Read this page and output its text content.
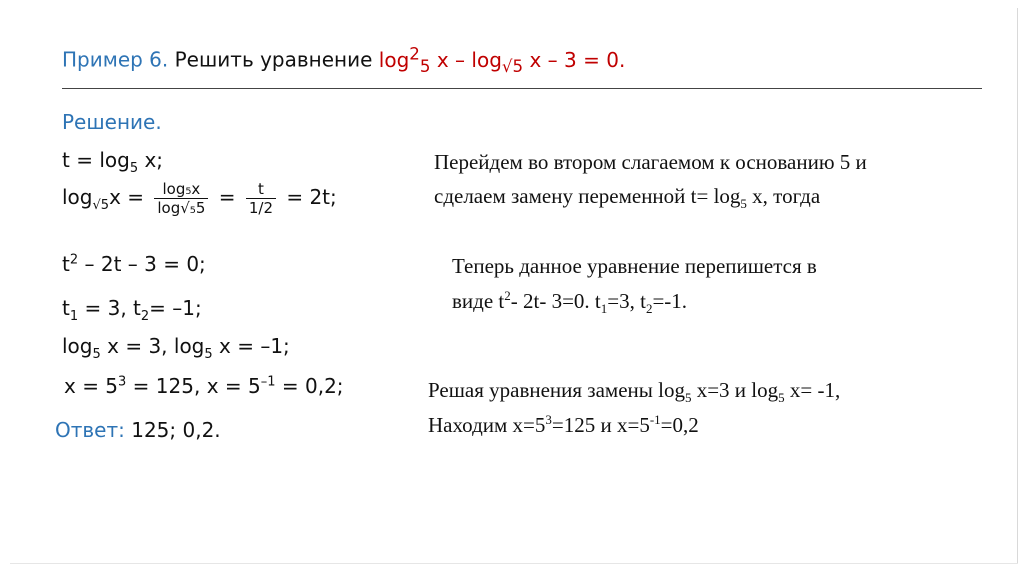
Пример 6. Решить уравнение $\log^2_5 x - \log_{√5} x - 3 = 0$.
Решение.
$t = \log_5 x$;
$\log_{√5}x = \frac{\text{log₅x}}{\text{log√₅5}} = \frac{t}{1/2} = 2t$;
$t^2 - 2t - 3 = 0$;
$t_1 = 3$, $t_2= -1$;
$\log_5 x = 3$, $\log_5 x = -1$;
$x = 5^3 = 125$, $x = 5^{-1} = 0,2$;
Ответ: 125; 0,2.
Перейдем во втором слагаемом к основанию 5 и
сделаем замену переменной $t= \log_5 x$, тогда
Теперь данное уравнение перепишется в
виде $t^2-$ 2t- 3=0. $t_1=3$, $t_2=-1$.
Решая уравнения замены $\log_5 x=3$ и $\log_5 x= -1$,
Находим $x=5^3=125$ и $x=5^{-1}=0,2$
